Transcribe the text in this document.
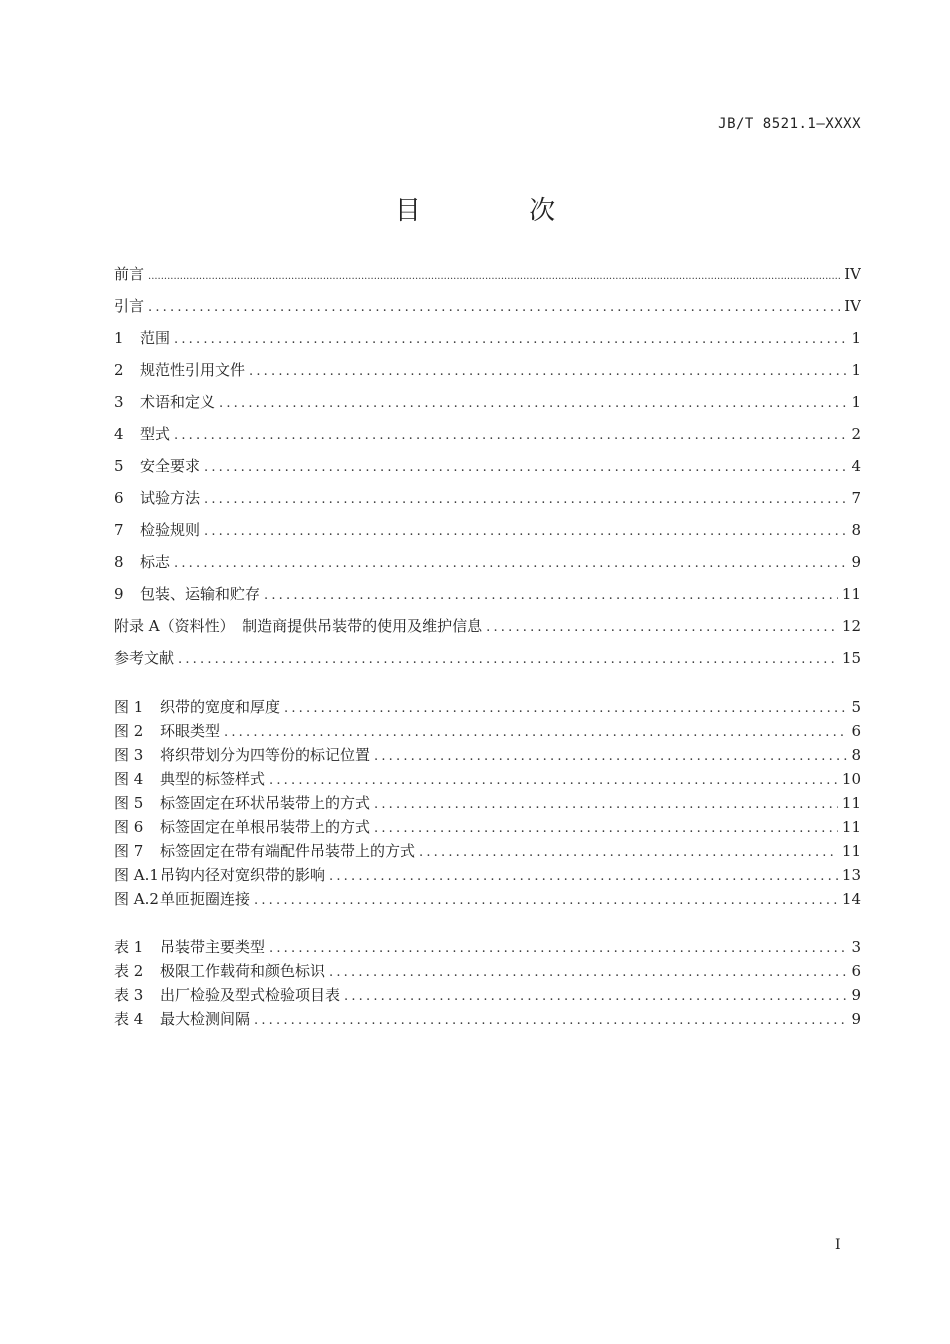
JB/T 8521.1—XXXX
目 次
前言 .....	IV
引言 .....	IV
1 范围 .....	1
2 规范性引用文件 .....	1
3 术语和定义 .....	1
4 型式 .....	2
5 安全要求 .....	4
6 试验方法 .....	7
7 检验规则 .....	8
8 标志 .....	9
9 包装、运输和贮存 .....	11
附录 A（资料性）　制造商提供吊装带的使用及维护信息 .....	12
参考文献 .....	15
图 1 织带的宽度和厚度 .....	5
图 2 环眼类型 .....	6
图 3 将织带划分为四等份的标记位置 .....	8
图 4 典型的标签样式 .....	10
图 5 标签固定在环状吊装带上的方式 .....	11
图 6 标签固定在单根吊装带上的方式 .....	11
图 7 标签固定在带有端配件吊装带上的方式 .....	11
图 A.1吊钩内径对宽织带的影响 .....	13
图 A.2单匝扼圈连接 .....	14
表 1 吊装带主要类型 .....	3
表 2 极限工作载荷和颜色标识 .....	6
表 3 出厂检验及型式检验项目表 .....	9
表 4 最大检测间隔 .....	9
I
